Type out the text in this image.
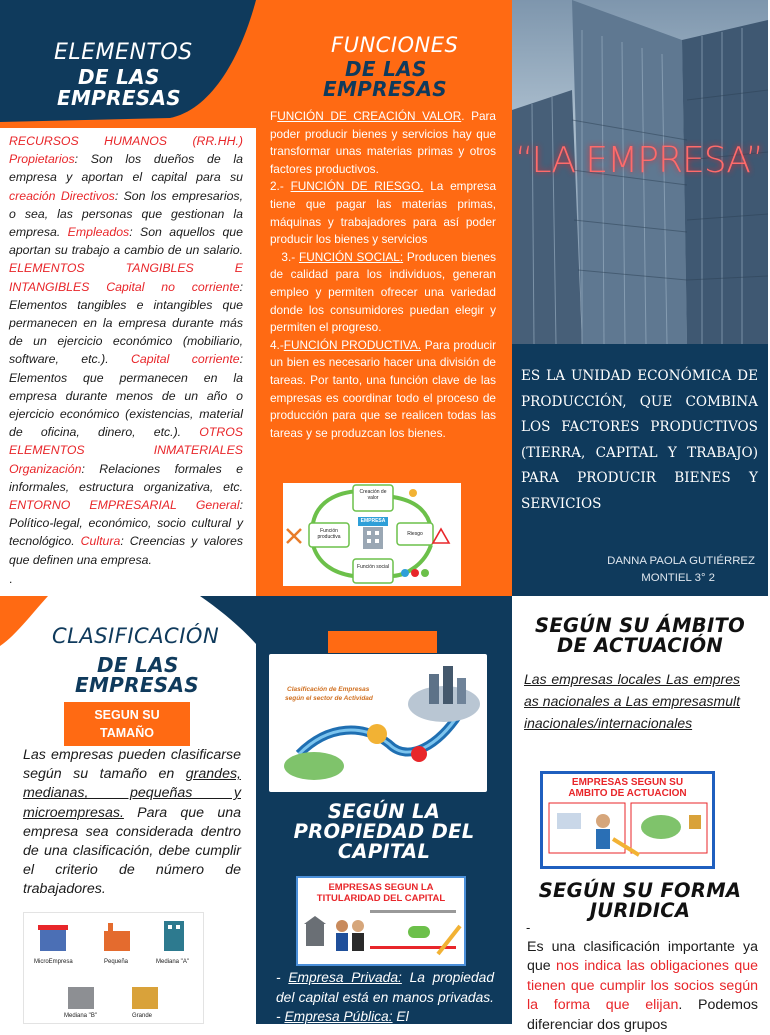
ELEMENTOS
DE LAS
EMPRESAS
RECURSOS HUMANOS (RR.HH.) Propietarios: Son los dueños de la empresa y aportan el capital para su creación Directivos: Son los empresarios, o sea, las personas que gestionan la empresa. Empleados: Son aquellos que aportan su trabajo a cambio de un salario. ELEMENTOS TANGIBLES E INTANGIBLES Capital no corriente: Elementos tangibles e intangibles que permanecen en la empresa durante más de un ejercicio económico (mobiliario, software, etc.). Capital corriente: Elementos que permanecen en la empresa durante menos de un año o ejercicio económico (existencias, material de oficina, dinero, etc.). OTROS ELEMENTOS INMATERIALES Organización: Relaciones formales e informales, estructura organizativa, etc. ENTORNO EMPRESARIAL General: Político-legal, económico, socio cultural y tecnológico. Cultura: Creencias y valores que definen una empresa.
.
FUNCIONES
DE LAS
EMPRESAS
FUNCIÓN DE CREACIÓN VALOR. Para poder producir bienes y servicios hay que transformar unas materias primas y otros factores productivos.
2.- FUNCIÓN DE RIESGO. La empresa tiene que pagar las materias primas, máquinas y trabajadores para así poder producir los bienes y servicios
3.- FUNCIÓN SOCIAL: Producen bienes de calidad para los individuos, generan empleo y permiten ofrecer una variedad donde los consumidores puedan elegir y permiten el progreso.
4.-FUNCIÓN PRODUCTIVA. Para producir un bien es necesario hacer una división de tareas. Por tanto, una función clave de las empresas es coordinar todo el proceso de producción para que se realicen todas las tareas y se produzcan los bienes.
Creación de valor
Función productiva	Riesgo
Función social
EMPRESA
“LA EMPRESA”
ES LA UNIDAD ECONÓMICA DE PRODUCCIÓN, QUE COMBINA LOS FACTORES PRODUCTIVOS (TIERRA, CAPITAL Y TRABAJO) PARA PRODUCIR BIENES Y SERVICIOS
DANNA PAOLA GUTIÉRREZ
MONTIEL 3° 2
CLASIFICACIÓN
DE LAS
EMPRESAS
SEGUN SU
TAMAÑO
Las empresas pueden clasificarse según su tamaño en grandes, medianas, pequeñas y microempresas. Para que una empresa sea considerada dentro de una clasificación, debe cumplir el criterio de número de trabajadores.
MicroEmpresa	Pequeña	Mediana "A"
Mediana "B"	Grande
Clasificación de Empresas
según el sector de Actividad
SEGÚN LA
PROPIEDAD DEL
CAPITAL
EMPRESAS SEGUN LA
TITULARIDAD DEL CAPITAL
- Empresa Privada: La propiedad del capital está en manos privadas. - Empresa Pública: El
SEGÚN SU ÁMBITO
DE ACTUACIÓN
Las empresas locales Las empresas nacionales a Las empresasmultinacionales/internacionales
EMPRESAS SEGUN SU
AMBITO DE ACTUACION
SEGÚN SU FORMA
JURIDICA
-
Es una clasificación importante ya que nos indica las obligaciones que tienen que cumplir los socios según la forma que elijan. Podemos diferenciar dos grupos
